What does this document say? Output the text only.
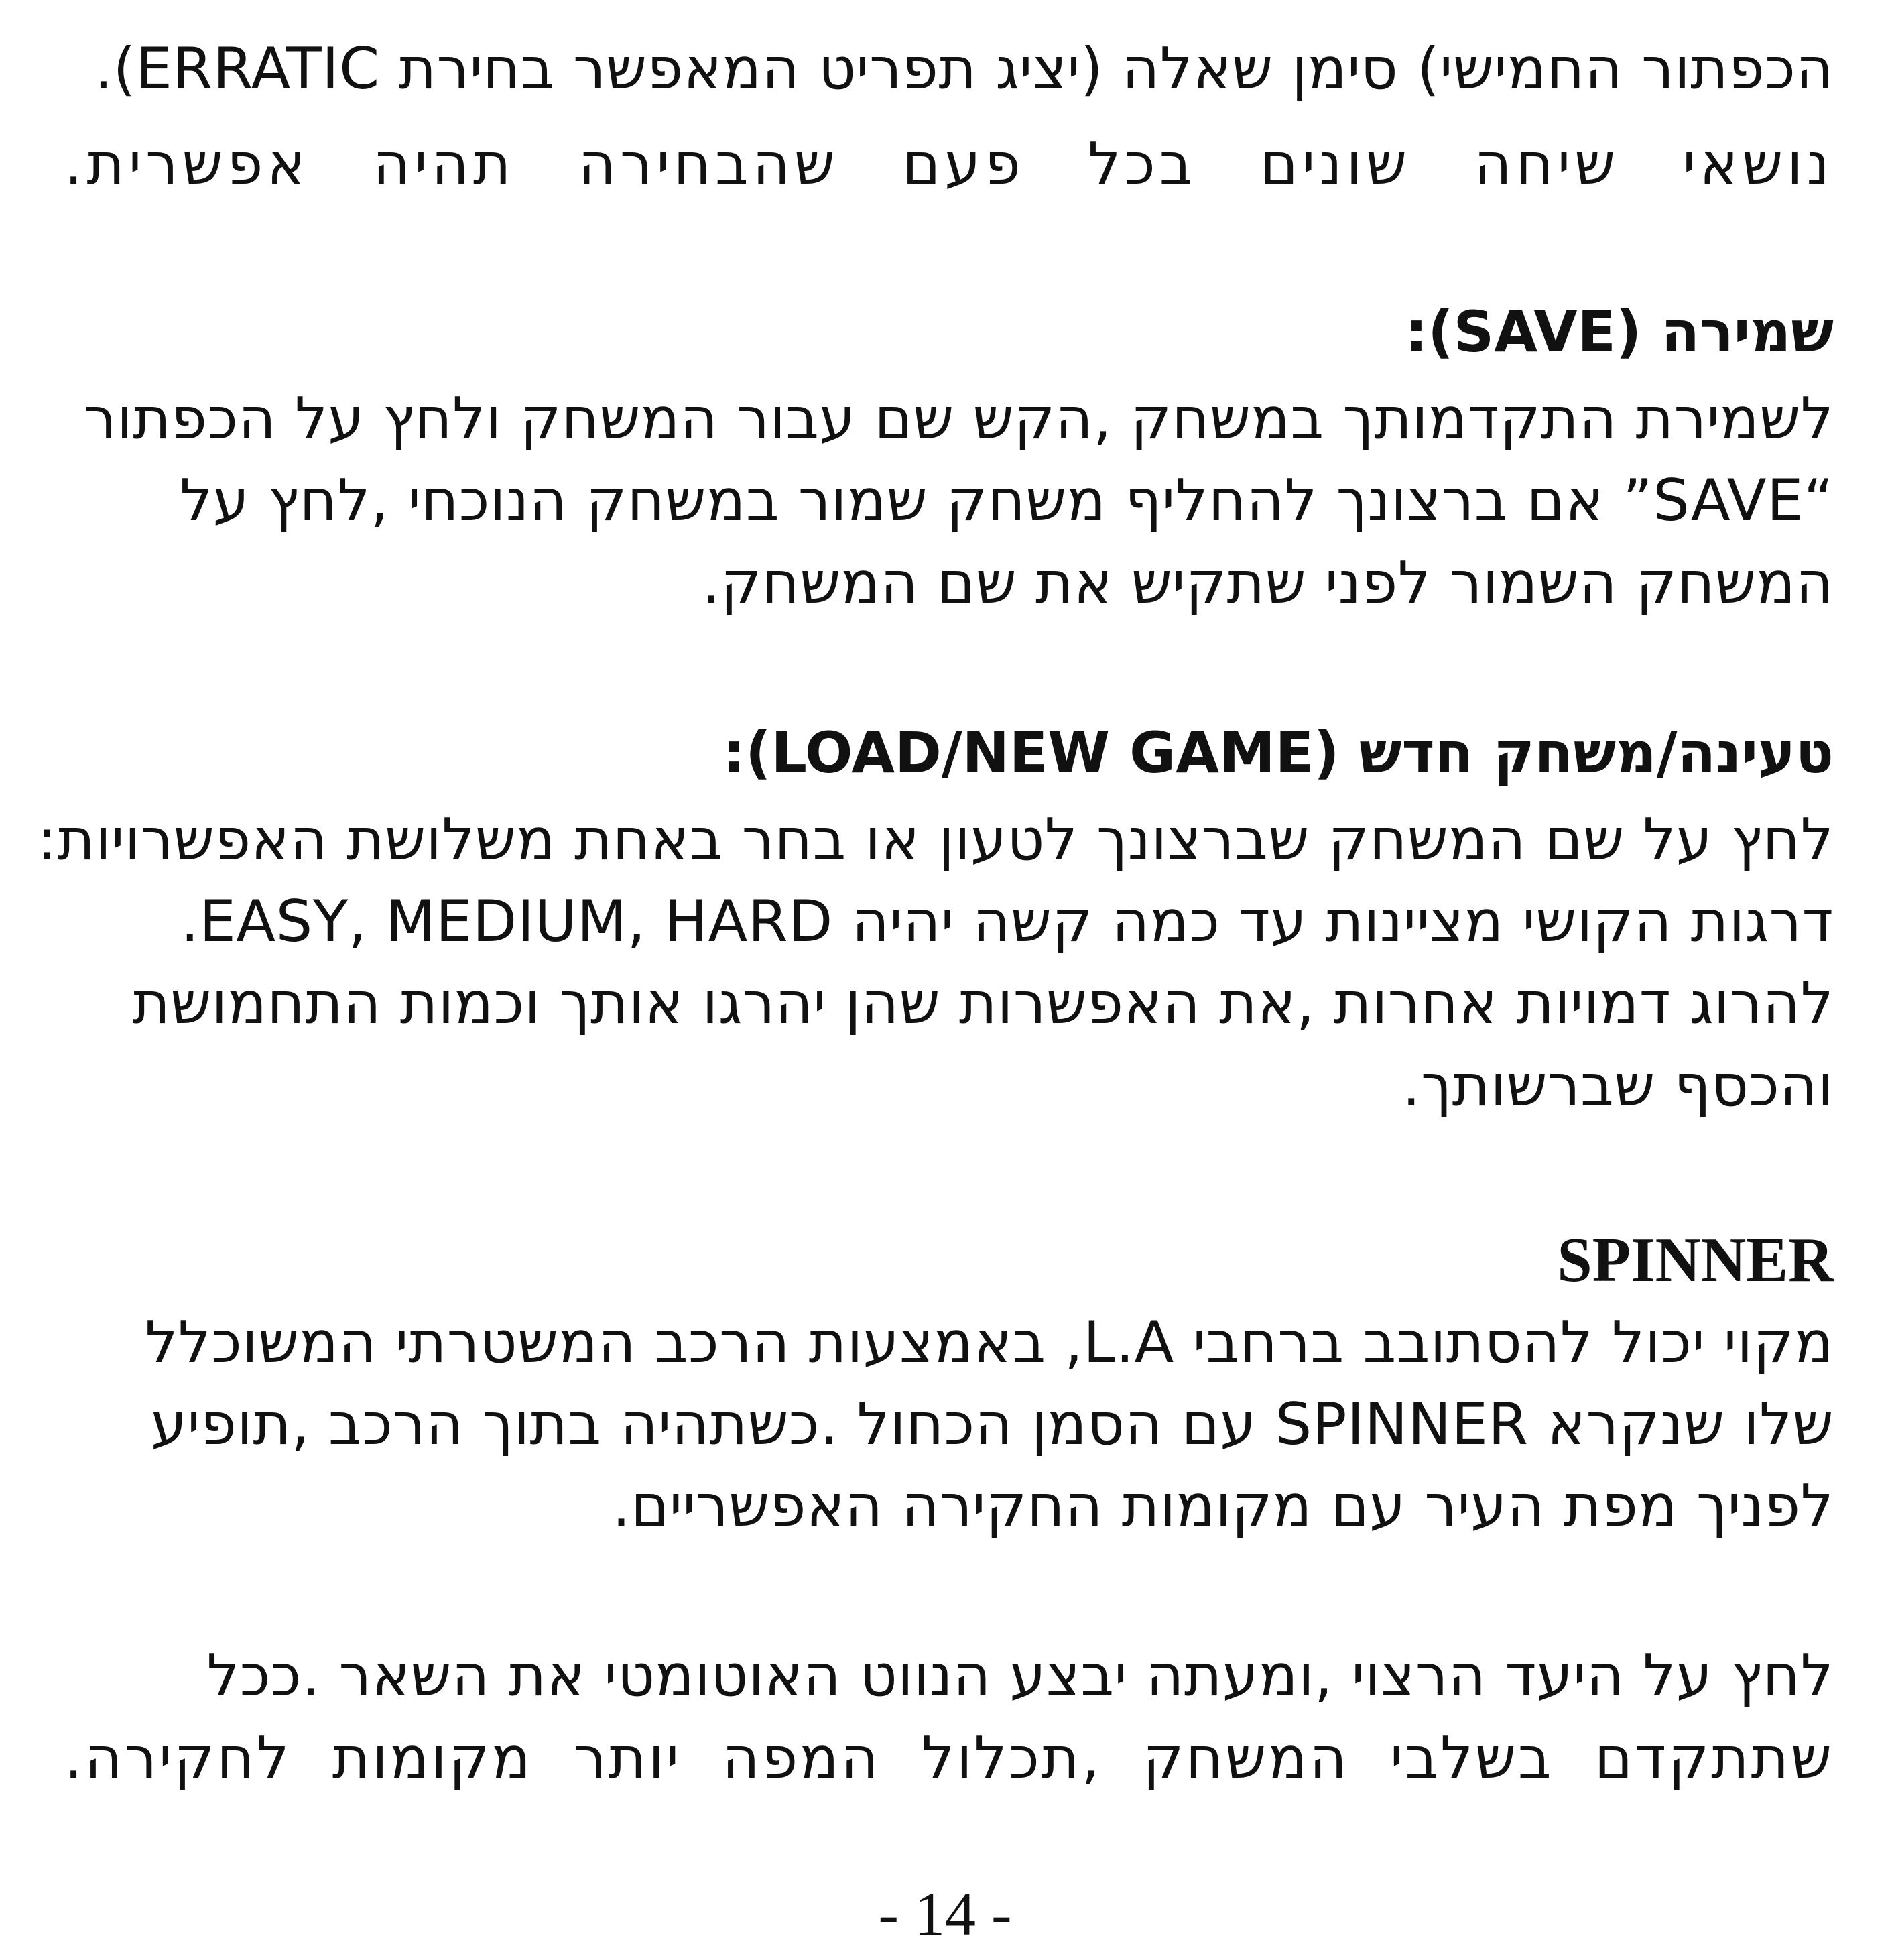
הכפתור החמישי) סימן שאלה (יציג תפריט המאפשר בחירת ERRATIC).
נושאי שיחה שונים בכל פעם שהבחירה תהיה אפשרית.
שמירה (SAVE):
לשמירת התקדמותך במשחק ,הקש שם עבור המשחק ולחץ על הכפתור
“SAVE” אם ברצונך להחליף משחק שמור במשחק הנוכחי ,לחץ על
המשחק השמור לפני שתקיש את שם המשחק.
טעינה/משחק חדש (LOAD/NEW GAME):
לחץ על שם המשחק שברצונך לטעון או בחר באחת משלושת האפשרויות:
דרגות הקושי מציינות עד כמה קשה יהיה EASY, MEDIUM, HARD.
להרוג דמויות אחרות ,את האפשרות שהן יהרגו אותך וכמות התחמושת
והכסף שברשותך.
SPINNER
מקוי יכול להסתובב ברחבי L.A, באמצעות הרכב המשטרתי המשוכלל
שלו שנקרא SPINNER עם הסמן הכחול .כשתהיה בתוך הרכב ,תופיע
לפניך מפת העיר עם מקומות החקירה האפשריים.
לחץ על היעד הרצוי ,ומעתה יבצע הנווט האוטומטי את השאר .ככל
שתתקדם בשלבי המשחק ,תכלול המפה יותר מקומות לחקירה.
- 14 -
